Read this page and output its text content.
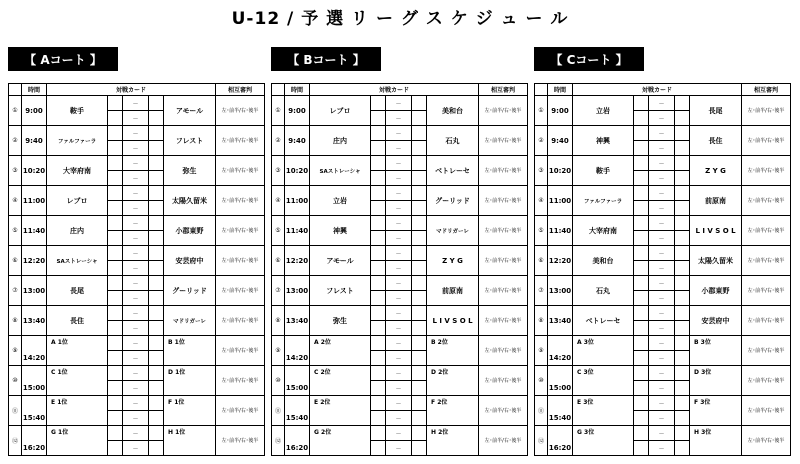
U-12 / 予 選 リ ー グ ス ケ ジ ュ ー ル
【 Aコート 】
	時間	対戦カード					相互審判
①	9:00	鞍手		－		アモール	左･前半/右･後半
				－			
②	9:40	ファルファーラ		－		フレスト	左･前半/右･後半
				－			
③	10:20	大宰府南		－		弥生	左･前半/右･後半
				－			
④	11:00	レブロ		－		太陽久留米	左･前半/右･後半
				－			
⑤	11:40	庄内		－		小郡東野	左･前半/右･後半
				－			
⑥	12:20	SAストレーシャ		－		安芸府中	左･前半/右･後半
				－			
⑦	13:00	長尾		－		グーリッド	左･前半/右･後半
				－			
⑧	13:40	長住		－		マドリガーレ	左･前半/右･後半
				－			
⑨	14:20	A 1位		－		B 1位	左･前半/右･後半
				－			
⑩	15:00	C 1位		－		D 1位	左･前半/右･後半
				－			
⑪	15:40	E 1位		－		F 1位	左･前半/右･後半
				－			
⑫	16:20	G 1位		－		H 1位	左･前半/右･後半
				－			
【 Bコート 】
	時間	対戦カード					相互審判
①	9:00	レブロ		－		美和台	左･前半/右･後半
				－			
②	9:40	庄内		－		石丸	左･前半/右･後半
				－			
③	10:20	SAストレーシャ		－		ベトレーセ	左･前半/右･後半
				－			
④	11:00	立岩		－		グーリッド	左･前半/右･後半
				－			
⑤	11:40	神興		－		マドリガーレ	左･前半/右･後半
				－			
⑥	12:20	アモール		－		Z Y G	左･前半/右･後半
				－			
⑦	13:00	フレスト		－		前原南	左･前半/右･後半
				－			
⑧	13:40	弥生		－		L I V S O L	左･前半/右･後半
				－			
⑨	14:20	A 2位		－		B 2位	左･前半/右･後半
				－			
⑩	15:00	C 2位		－		D 2位	左･前半/右･後半
				－			
⑪	15:40	E 2位		－		F 2位	左･前半/右･後半
				－			
⑫	16:20	G 2位		－		H 2位	左･前半/右･後半
				－			
【 Cコート 】
	時間	対戦カード					相互審判
①	9:00	立岩		－		長尾	左･前半/右･後半
				－			
②	9:40	神興		－		長住	左･前半/右･後半
				－			
③	10:20	鞍手		－		Z Y G	左･前半/右･後半
				－			
④	11:00	ファルファーラ		－		前原南	左･前半/右･後半
				－			
⑤	11:40	大宰府南		－		L I V S O L	左･前半/右･後半
				－			
⑥	12:20	美和台		－		太陽久留米	左･前半/右･後半
				－			
⑦	13:00	石丸		－		小郡東野	左･前半/右･後半
				－			
⑧	13:40	ベトレーセ		－		安芸府中	左･前半/右･後半
				－			
⑨	14:20	A 3位		－		B 3位	左･前半/右･後半
				－			
⑩	15:00	C 3位		－		D 3位	左･前半/右･後半
				－			
⑪	15:40	E 3位		－		F 3位	左･前半/右･後半
				－			
⑫	16:20	G 3位		－		H 3位	左･前半/右･後半
				－			
